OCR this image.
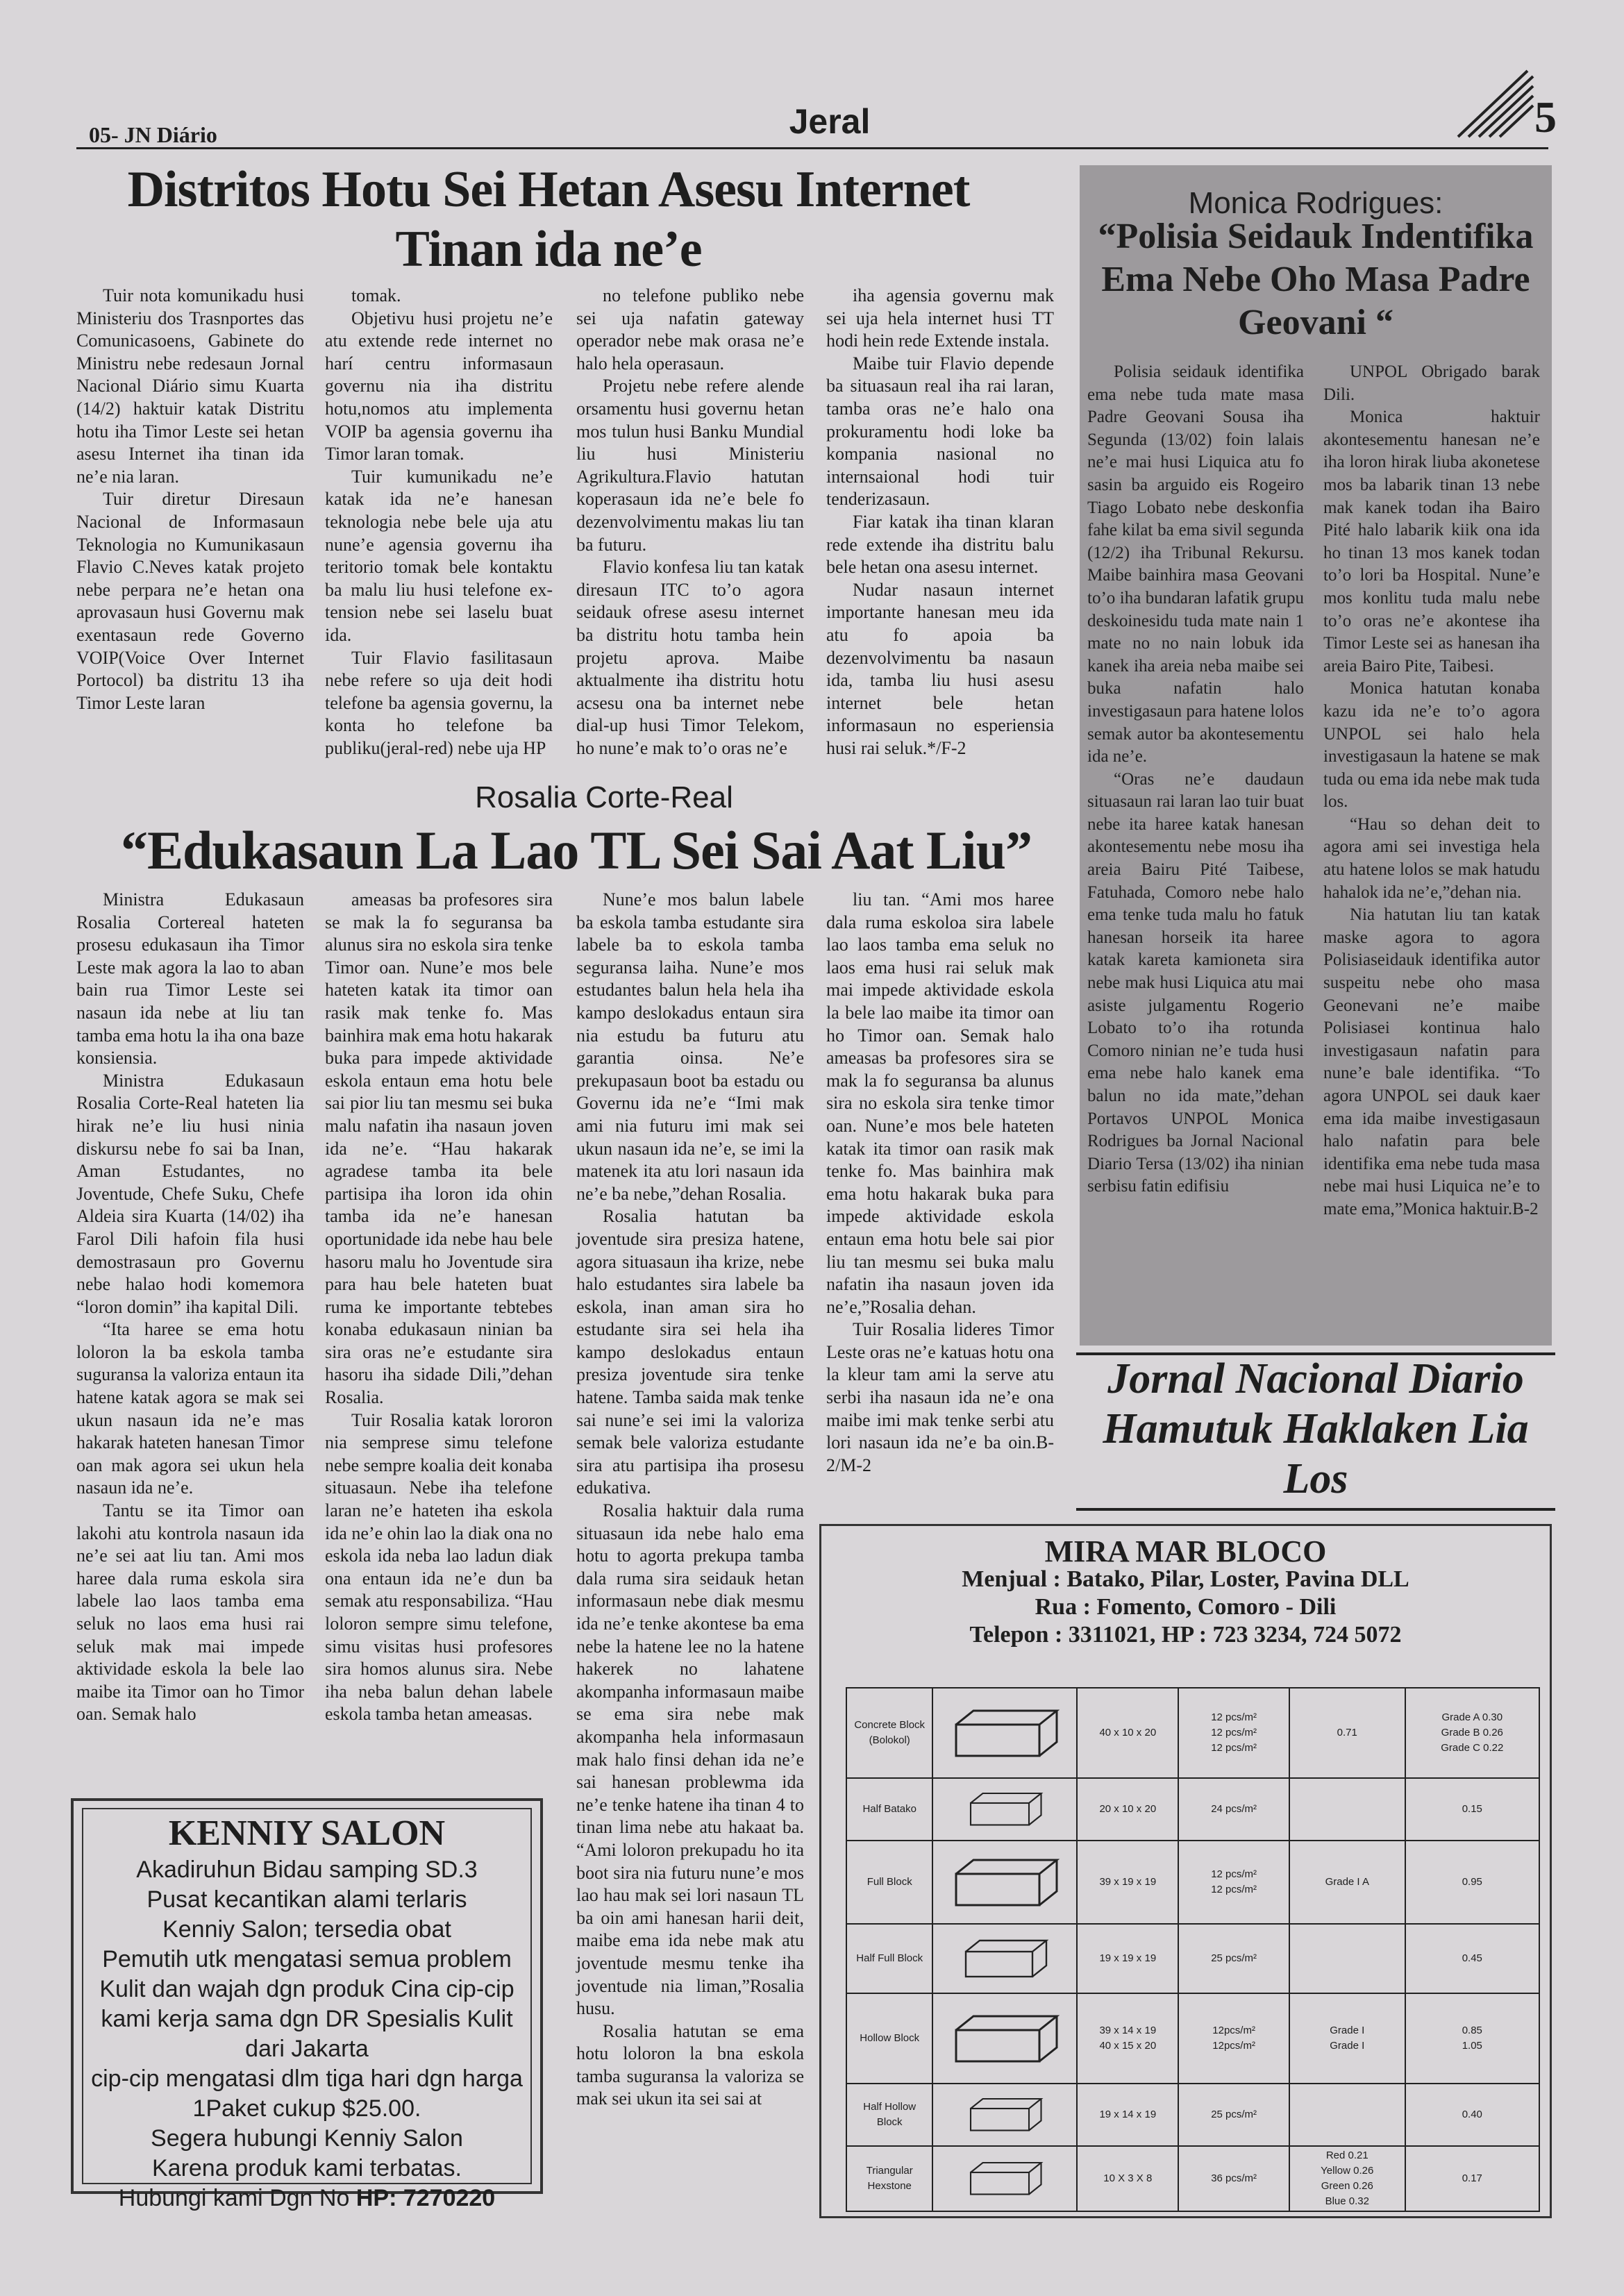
05- JN Diário	Jeral	5
Distritos Hotu Sei Hetan Asesu Internet Tinan ida ne’e

Tuir nota komunikadu husi Ministeriu dos Trasnportes das Comunicasoens, Gabinete do Ministru nebe redesaun Jornal Nacional Diário simu Kuarta (14/2) haktuir katak Distritu hotu iha Timor Leste sei hetan asesu Internet iha tinan ida ne’e nia laran.

Tuir diretur Diresaun Nacional de Informasaun Teknologia no Kumunikasaun Flavio C.Neves katak projeto nebe perpara ne’e hetan ona aprovasaun husi Governu mak exentasaun rede Governo VOIP(Voice Over Internet Portocol) ba distritu 13 iha Timor Leste laran

tomak.

Objetivu husi projetu ne’e atu extende rede internet no harí centru informasaun governu nia iha distritu hotu,nomos atu implementa VOIP ba agensia governu iha Timor laran tomak.

Tuir kumunikadu ne’e katak ida ne’e hanesan teknologia nebe bele uja atu nune’e agensia governu iha teritorio tomak bele kontaktu ba malu liu husi telefone ex-tension nebe sei laselu buat ida.

Tuir Flavio fasilitasaun nebe refere so uja deit hodi telefone ba agensia governu, la konta ho telefone ba publiku(jeral-red) nebe uja HP

no telefone publiko nebe sei uja nafatin gateway operador nebe mak orasa ne’e halo hela operasaun.

Projetu nebe refere alende orsamentu husi governu hetan mos tulun husi Banku Mundial liu husi Ministeriu Agrikultura.Flavio hatutan koperasaun ida ne’e bele fo dezenvolvimentu makas liu tan ba futuru.

Flavio konfesa liu tan katak diresaun ITC to’o agora seidauk ofrese asesu internet ba distritu hotu tamba hein projetu aprova. Maibe aktualmente iha distritu hotu acsesu ona ba internet nebe dial-up husi Timor Telekom, ho nune’e mak to’o oras ne’e

iha agensia governu mak sei uja hela internet husi TT hodi hein rede Extende instala.

Maibe tuir Flavio depende ba situasaun real iha rai laran, tamba oras ne’e halo ona prokuramentu hodi loke ba kompania nasional no internsaional hodi tuir tenderizasaun.

Fiar katak iha tinan klaran rede extende iha distritu balu bele hetan ona asesu internet.

Nudar nasaun internet importante hanesan meu ida atu fo apoia ba dezenvolvimentu ba nasaun ida, tamba liu husi asesu internet bele hetan informasaun no esperiensia husi rai seluk.*/F-2

Rosalia Corte-Real
“Edukasaun La Lao TL Sei Sai Aat Liu”

Ministra Edukasaun Rosalia Cortereal hateten prosesu edukasaun iha Timor Leste mak agora la lao to aban bain rua Timor Leste sei nasaun ida nebe at liu tan tamba ema hotu la iha ona baze konsiensia.

Ministra Edukasaun Rosalia Corte-Real hateten lia hirak ne’e liu husi ninia diskursu nebe fo sai ba Inan, Aman Estudantes, no Joventude, Chefe Suku, Chefe Aldeia sira Kuarta (14/02) iha Farol Dili hafoin fila husi demostrasaun pro Governu nebe halao hodi komemora “loron domin” iha kapital Dili.

“Ita haree se ema hotu loloron la ba eskola tamba suguransa la valoriza entaun ita hatene katak agora se mak sei ukun nasaun ida ne’e mas hakarak hateten hanesan Timor oan mak agora sei ukun hela nasaun ida ne’e.

Tantu se ita Timor oan lakohi atu kontrola nasaun ida ne’e sei aat liu tan. Ami mos haree dala ruma eskola sira labele lao laos tamba ema seluk no laos ema husi rai seluk mak mai impede aktividade eskola la bele lao maibe ita Timor oan ho Timor oan. Semak halo

ameasas ba profesores sira se mak la fo seguransa ba alunus sira no eskola sira tenke Timor oan. Nune’e mos bele hateten katak ita timor oan rasik mak tenke fo. Mas bainhira mak ema hotu hakarak buka para impede aktividade eskola entaun ema hotu bele sai pior liu tan mesmu sei buka malu nafatin iha nasaun joven ida ne’e. “Hau hakarak agradese tamba ita bele partisipa iha loron ida ohin tamba ida ne’e hanesan oportunidade ida nebe hau bele hasoru malu ho Joventude sira para hau bele hateten buat ruma ke importante tebtebes konaba edukasaun ninian ba sira oras ne’e estudante sira hasoru iha sidade Dili,”dehan Rosalia.

Tuir Rosalia katak lororon nia semprese simu telefone nebe sempre koalia deit konaba situasaun. Nebe iha telefone laran ne’e hateten iha eskola ida ne’e ohin lao la diak ona no eskola ida neba lao ladun diak ona entaun ida ne’e dun ba semak atu responsabiliza. “Hau loloron sempre simu telefone, simu visitas husi profesores sira homos alunus sira. Nebe iha neba balun dehan labele eskola tamba hetan ameasas.

Nune’e mos balun labele ba eskola tamba estudante sira labele ba to eskola tamba seguransa laiha. Nune’e mos estudantes balun hela hela iha kampo deslokadus entaun sira nia estudu ba futuru atu garantia oinsa. Ne’e prekupasaun boot ba estadu ou Governu ida ne’e “Imi mak ami nia futuru imi mak sei ukun nasaun ida ne’e, se imi la matenek ita atu lori nasaun ida ne’e ba nebe,”dehan Rosalia.

Rosalia hatutan ba joventude sira presiza hatene, agora situasaun iha krize, nebe halo estudantes sira labele ba eskola, inan aman sira ho estudante sira sei hela iha kampo deslokadus entaun presiza joventude sira tenke hatene. Tamba saida mak tenke sai nune’e sei imi la valoriza semak bele valoriza estudante sira atu partisipa iha prosesu edukativa.

Rosalia haktuir dala ruma situasaun ida nebe halo ema hotu to agorta prekupa tamba dala ruma sira seidauk hetan informasaun nebe diak mesmu ida ne’e tenke akontese ba ema nebe la hatene lee no la hatene hakerek no lahatene akompanha informasaun maibe se ema sira nebe mak akompanha hela informasaun mak halo finsi dehan ida ne’e sai hanesan problewma ida ne’e tenke hatene iha tinan 4 to tinan lima nebe atu hakaat ba. “Ami loloron prekupadu ho ita boot sira nia futuru nune’e mos lao hau mak sei lori nasaun TL ba oin ami hanesan harii deit, maibe ema ida nebe mak atu joventude mesmu tenke iha joventude nia liman,”Rosalia husu.

Rosalia hatutan se ema hotu loloron la bna eskola tamba suguransa la valoriza se mak sei ukun ita sei sai at

liu tan. “Ami mos haree dala ruma eskoloa sira labele lao laos tamba ema seluk no laos ema husi rai seluk mak mai impede aktividade eskola la bele lao maibe ita timor oan ho Timor oan. Semak halo ameasas ba profesores sira se mak la fo seguransa ba alunus sira no eskola sira tenke timor oan. Nune’e mos bele hateten katak ita timor oan rasik mak tenke fo. Mas bainhira mak ema hotu hakarak buka para impede aktividade eskola entaun ema hotu bele sai pior liu tan mesmu sei buka malu nafatin iha nasaun joven ida ne’e,”Rosalia dehan.

Tuir Rosalia lideres Timor Leste oras ne’e katuas hotu ona la kleur tam ami la serve atu serbi iha nasaun ida ne’e ona maibe imi mak tenke serbi atu lori nasaun ida ne’e ba oin.B-2/M-2

Monica Rodrigues:
“Polisia Seidauk Indentifika Ema Nebe Oho Masa Padre Geovani “

Polisia seidauk identifika ema nebe tuda mate masa Padre Geovani Sousa iha Segunda (13/02) foin lalais ne’e mai husi Liquica atu fo sasin ba arguido eis Rogeiro Tiago Lobato nebe deskonfia fahe kilat ba ema sivil segunda (12/2) iha Tribunal Rekursu. Maibe bainhira masa Geovani to’o iha bundaran lafatik grupu deskoinesidu tuda mate nain 1 mate no no nain lobuk ida kanek iha areia neba maibe sei buka nafatin halo investigasaun para hatene lolos semak autor ba akontesementu ida ne’e.

“Oras ne’e daudaun situasaun rai laran lao tuir buat nebe ita haree katak hanesan akontesementu nebe mosu iha areia Bairu Pité Taibese, Fatuhada, Comoro nebe halo ema tenke tuda malu ho fatuk hanesan horseik ita haree katak kareta kamioneta sira nebe mak husi Liquica atu mai asiste julgamentu Rogerio Lobato to’o iha rotunda Comoro ninian ne’e tuda husi ema nebe halo kanek ema balun no ida mate,”dehan Portavos UNPOL Monica Rodrigues ba Jornal Nacional Diario Tersa (13/02) iha ninian serbisu fatin edifisiu

UNPOL Obrigado barak Dili.

Monica haktuir akontesementu hanesan ne’e iha loron hirak liuba akonetese mos ba labarik tinan 13 nebe mak kanek todan iha Bairo Pité halo labarik kiik ona ida ho tinan 13 mos kanek todan to’o lori ba Hospital. Nune’e mos konlitu tuda malu nebe to’o oras ne’e akontese iha Timor Leste sei as hanesan iha areia Bairo Pite, Taibesi.

Monica hatutan konaba kazu ida ne’e to’o agora UNPOL sei halo hela investigasaun la hatene se mak tuda ou ema ida nebe mak tuda los.

“Hau so dehan deit to agora ami sei investiga hela atu hatene lolos se mak hatudu hahalok ida ne’e,”dehan nia.

Nia hatutan liu tan katak maske agora to agora Polisiaseidauk identifika autor suspeitu nebe oho masa Geonevani ne’e maibe Polisiasei kontinua halo investigasaun nafatin para nune’e bale identifika. “To agora UNPOL sei dauk kaer ema ida maibe investigasaun halo nafatin para bele identifika ema nebe tuda masa nebe mai husi Liquica ne’e to mate ema,”Monica haktuir.B-2

Jornal Nacional Diario Hamutuk Haklaken Lia Los
KENNIY SALON
Akadiruhun Bidau samping SD.3
Pusat kecantikan alami terlaris
Kenniy Salon; tersedia obat
Pemutih utk mengatasi semua problem
Kulit dan wajah dgn produk Cina cip-cip
kami kerja sama dgn DR Spesialis Kulit
dari Jakarta
cip-cip mengatasi dlm tiga hari dgn harga
1Paket cukup $25.00.
Segera hubungi Kenniy Salon
Karena produk kami terbatas.
Hubungi kami Dgn No HP: 7270220
MIRA MAR BLOCO
Menjual : Batako, Pilar, Loster, Pavina DLL
Rua : Fomento, Comoro - Dili
Telepon : 3311021, HP : 723 3234, 724 5072
Concrete Block (Bolokol)		40 x 10 x 20	12 pcs/m²
12 pcs/m²
12 pcs/m²	0.71	Grade A 0.30
Grade B 0.26
Grade C 0.22
Half Batako		20 x 10 x 20	24 pcs/m²		0.15
Full Block		39 x 19 x 19	12 pcs/m²
12 pcs/m²	Grade I A	0.95
Half Full Block		19 x 19 x 19	25 pcs/m²		0.45
Hollow Block		39 x 14 x 19
40 x 15 x 20	12pcs/m²
12pcs/m²	Grade I
Grade I	0.85
1.05
Half Hollow Block		19 x 14 x 19	25 pcs/m²		0.40
Triangular Hexstone		10 X 3 X 8	36 pcs/m²	Red 0.21
Yellow 0.26
Green 0.26
Blue 0.32	0.17
